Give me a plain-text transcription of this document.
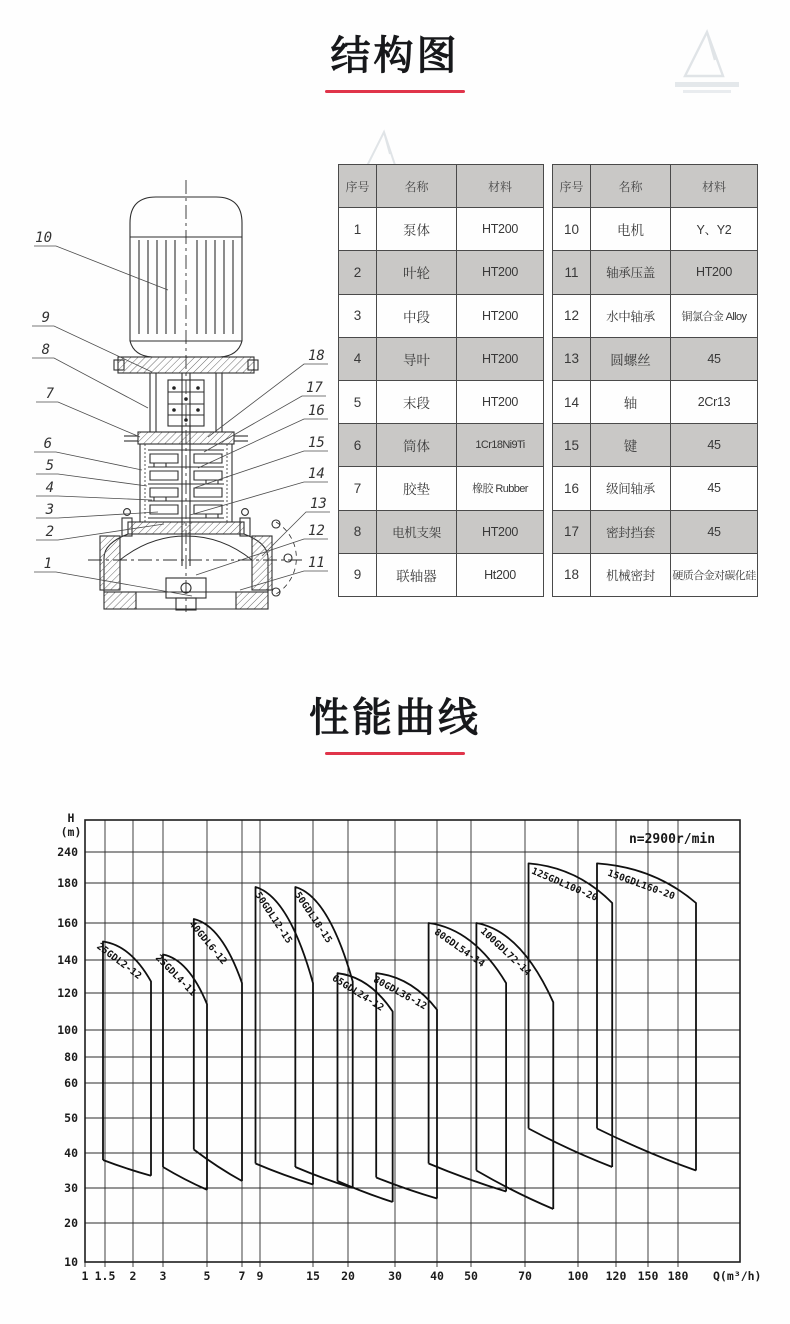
结构图
10
9
8
7
6
5
4
3
2
1
18
17
16
15
14
13
12
11
序号	名称	材料
1	泵体	HT200
2	叶轮	HT200
3	中段	HT200
4	导叶	HT200
5	末段	HT200
6	筒体	1Cr18Ni9Ti
7	胶垫	橡胶 Rubber
8	电机支架	HT200
9	联轴器	Ht200
序号	名称	材料
10	电机	Y、Y2
11	轴承压盖	HT200
12	水中轴承	铜氯合金 Alloy
13	圆螺丝	45
14	轴	2Cr13
15	键	45
16	级间轴承	45
17	密封挡套	45
18	机械密封	硬质合金对碳化硅
性能曲线
1 1.5 2 3	5 7 9	15 20	30 40 50	70	100 120 150 180
240
180
160
140
120
100
80
60
50
40
30
20
10
H
(m)
Q(m³/h)
n=2900r/min
25GDL2-12 25GDL4-11
40GDL6-12 50GDL12-15
50GDL18-15
65GDL24-12
80GDL36-12
80GDL54-14
100GDL72-14
125GDL100-20 150GDL160-20
